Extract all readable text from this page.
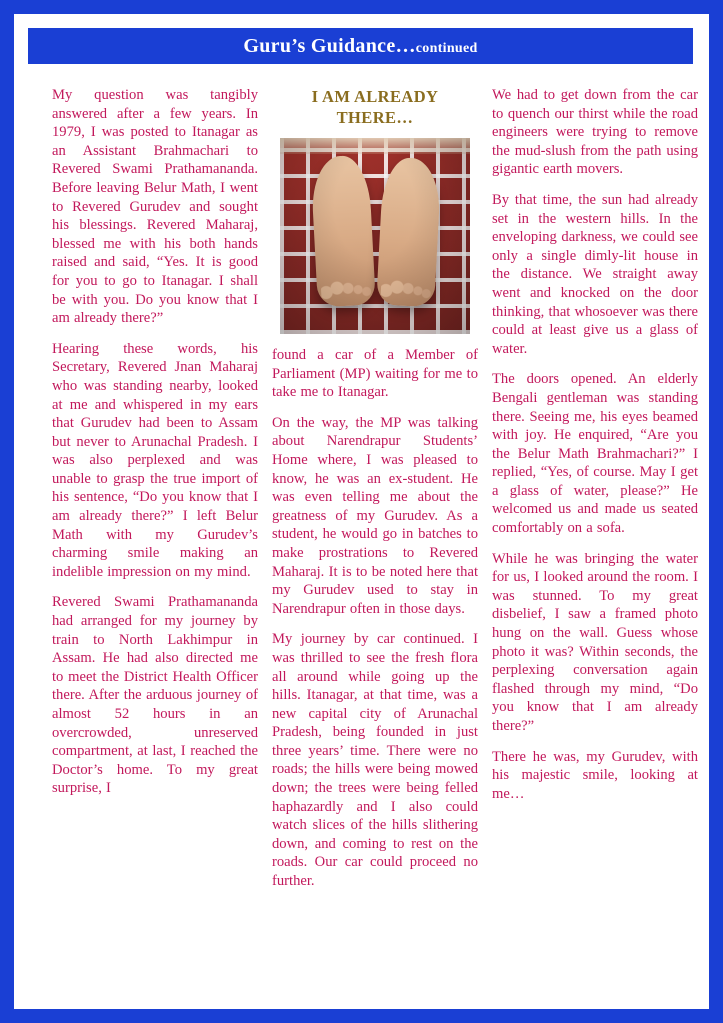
Guru’s Guidance…continued

My question was tangibly answered after a few years. In 1979, I was posted to Itanagar as an Assistant Brahmachari to Revered Swami Prathamananda. Before leaving Belur Math, I went to Revered Gurudev and sought his blessings. Revered Maharaj, blessed me with his both hands raised and said, “Yes. It is good for you to go to Itanagar. I shall be with you. Do you know that I am already there?”

Hearing these words, his Secretary, Revered Jnan Maharaj who was standing nearby, looked at me and whispered in my ears that Gurudev had been to Assam but never to Arunachal Pradesh. I was also perplexed and was unable to grasp the true import of his sentence, “Do you know that I am already there?” I left Belur Math with my Gurudev’s charming smile making an indelible impression on my mind.

Revered Swami Prathamananda had arranged for my journey by train to North Lakhimpur in Assam. He had also directed me to meet the District Health Officer there. After the arduous journey of almost 52 hours in an overcrowded, unreserved compartment, at last, I reached the Doctor’s home. To my great surprise, I

I AM ALREADY THERE…

found a car of a Member of Parliament (MP) waiting for me to take me to Itanagar.

On the way, the MP was talking about Narendrapur Students’ Home where, I was pleased to know, he was an ex-student. He was even telling me about the greatness of my Gurudev. As a student, he would go in batches to make prostrations to Revered Maharaj. It is to be noted here that my Gurudev used to stay in Narendrapur often in those days.

My journey by car continued. I was thrilled to see the fresh flora all around while going up the hills. Itanagar, at that time, was a new capital city of Arunachal Pradesh, being founded in just three years’ time. There were no roads; the hills were being mowed down; the trees were being felled haphazardly and I also could watch slices of the hills slithering down, and coming to rest on the roads. Our car could proceed no further.

We had to get down from the car to quench our thirst while the road engineers were trying to remove the mud-slush from the path using gigantic earth movers.

By that time, the sun had already set in the western hills. In the enveloping darkness, we could see only a single dimly-lit house in the distance. We straight away went and knocked on the door thinking, that whosoever was there could at least give us a glass of water.

The doors opened. An elderly Bengali gentleman was standing there. Seeing me, his eyes beamed with joy. He enquired, “Are you the Belur Math Brahmachari?” I replied, “Yes, of course. May I get a glass of water, please?” He welcomed us and made us seated comfortably on a sofa.

While he was bringing the water for us, I looked around the room. I was stunned. To my great disbelief, I saw a framed photo hung on the wall. Guess whose photo it was? Within seconds, the perplexing conversation again flashed through my mind, “Do you know that I am already there?”

There he was, my Gurudev, with his majestic smile, looking at me…
